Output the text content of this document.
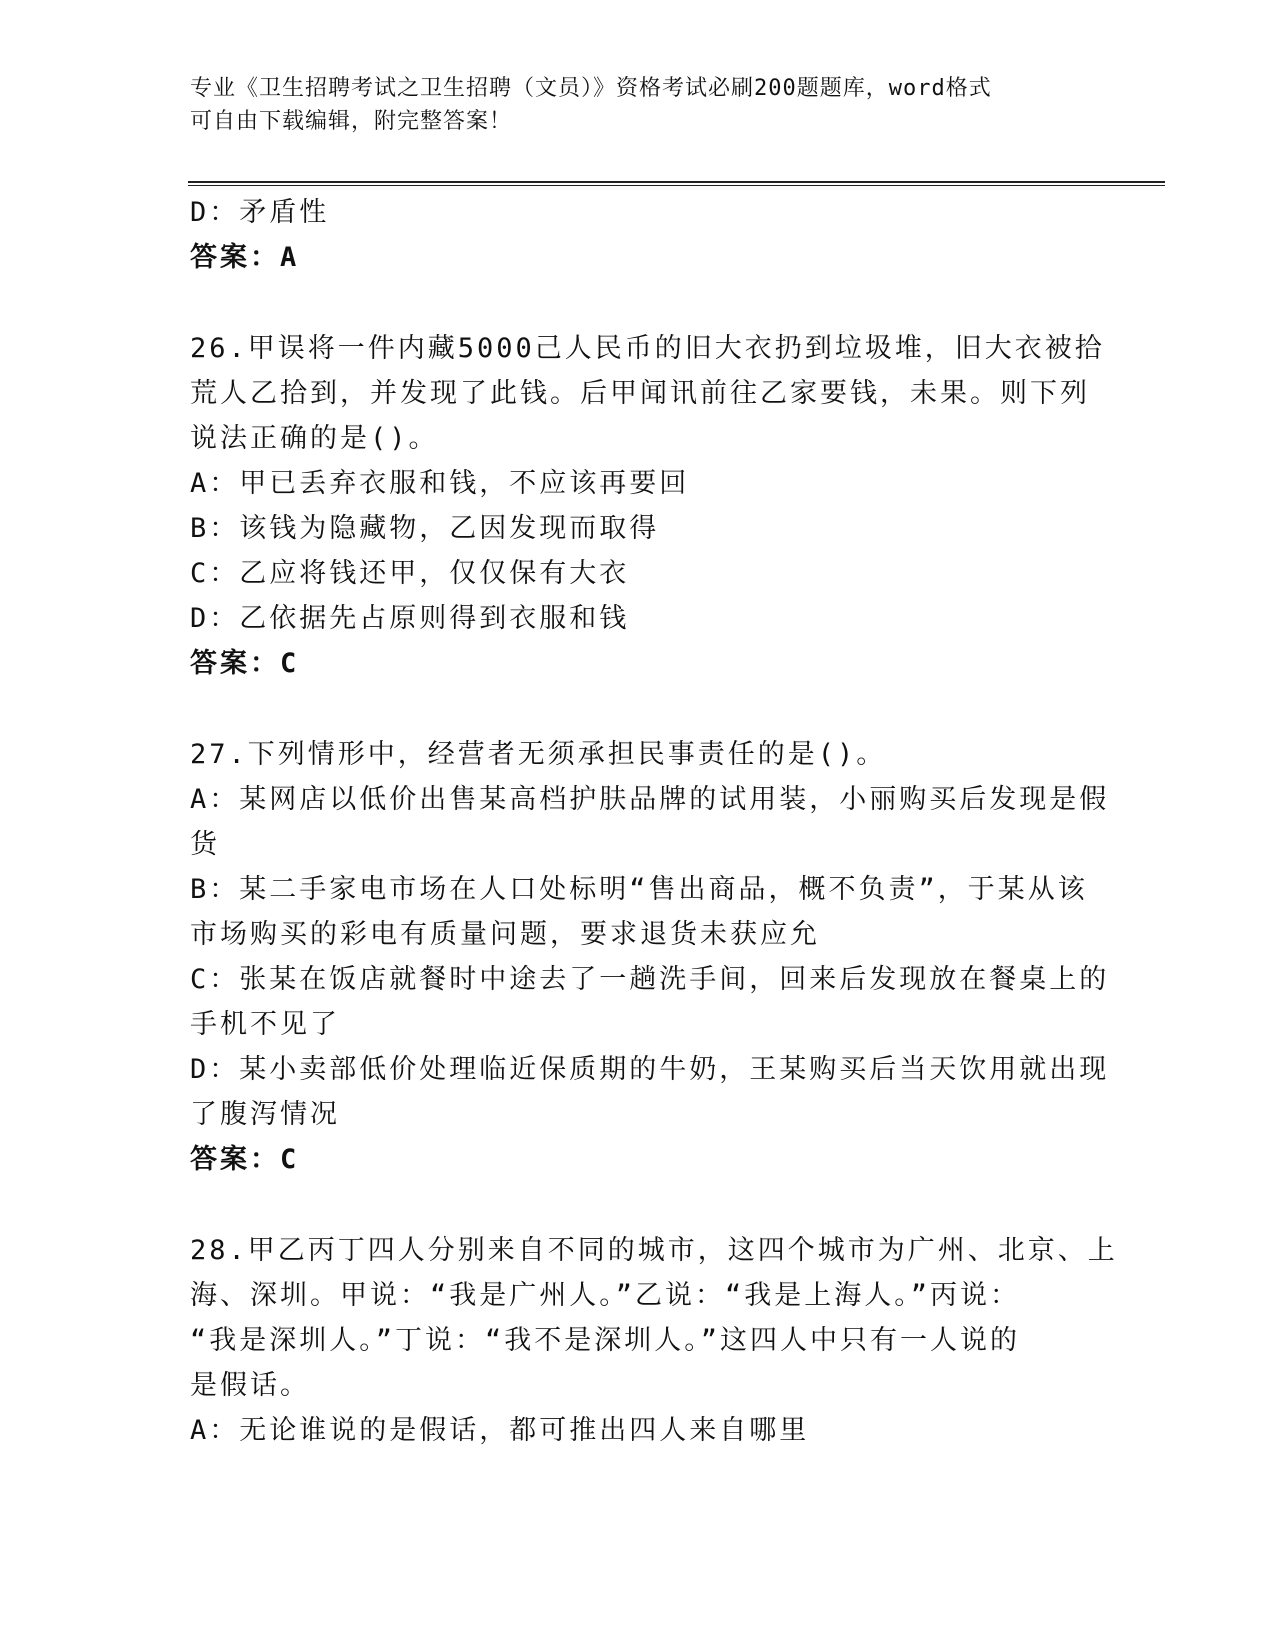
专业《卫生招聘考试之卫生招聘（文员）》资格考试必刷200题题库，word格式
可自由下载编辑，附完整答案！
D：矛盾性
答案：A
26.甲误将一件内藏5000己人民币的旧大衣扔到垃圾堆，旧大衣被拾
荒人乙拾到，并发现了此钱。后甲闻讯前往乙家要钱，未果。则下列
说法正确的是()。
A：甲已丢弃衣服和钱，不应该再要回
B：该钱为隐藏物，乙因发现而取得
C：乙应将钱还甲，仅仅保有大衣
D：乙依据先占原则得到衣服和钱
答案：C
27.下列情形中，经营者无须承担民事责任的是()。
A：某网店以低价出售某高档护肤品牌的试用装，小丽购买后发现是假
货
B：某二手家电市场在人口处标明“售出商品，概不负责”，于某从该
市场购买的彩电有质量问题，要求退货未获应允
C：张某在饭店就餐时中途去了一趟洗手间，回来后发现放在餐桌上的
手机不见了
D：某小卖部低价处理临近保质期的牛奶，王某购买后当天饮用就出现
了腹泻情况
答案：C
28.甲乙丙丁四人分别来自不同的城市，这四个城市为广州、北京、上
海、深圳。甲说：“我是广州人。”乙说：“我是上海人。”丙说：
“我是深圳人。”丁说：“我不是深圳人。”这四人中只有一人说的
是假话。
A：无论谁说的是假话，都可推出四人来自哪里
